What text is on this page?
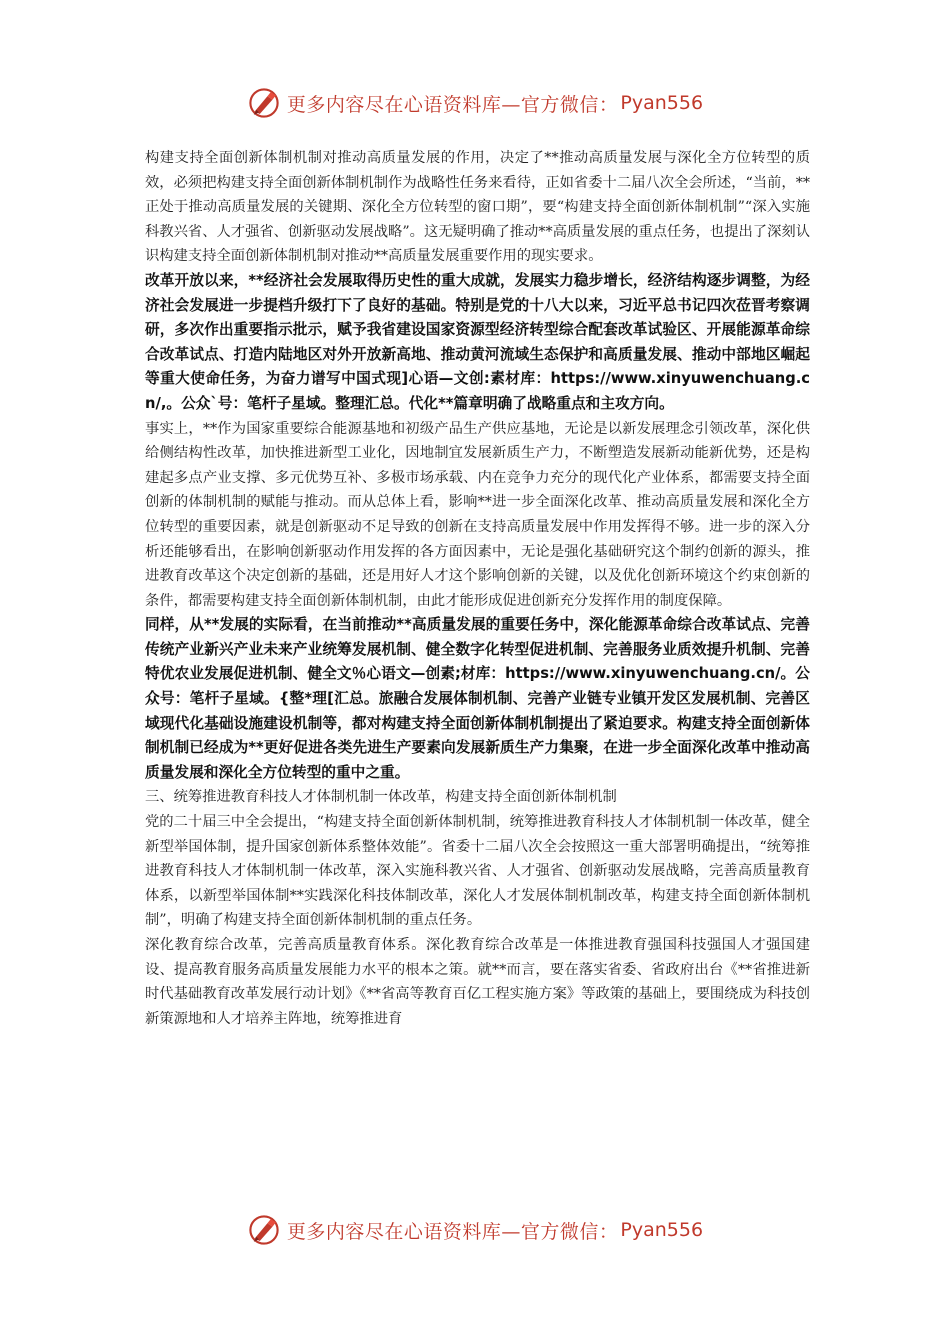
更多内容尽在心语资料库—官方微信： Pyan556

构建支持全面创新体制机制对推动高质量发展的作用，决定了**推动高质量发展与深化全方位转型的质效，必须把构建支持全面创新体制机制作为战略性任务来看待，正如省委十二届八次全会所述，“当前，**正处于推动高质量发展的关键期、深化全方位转型的窗口期”，要“构建支持全面创新体制机制”“深入实施科教兴省、人才强省、创新驱动发展战略”。这无疑明确了推动**高质量发展的重点任务，也提出了深刻认识构建支持全面创新体制机制对推动**高质量发展重要作用的现实要求。

改革开放以来，**经济社会发展取得历史性的重大成就，发展实力稳步增长，经济结构逐步调整，为经济社会发展进一步提档升级打下了良好的基础。特别是党的十八大以来，习近平总书记四次莅晋考察调研，多次作出重要指示批示，赋予我省建设国家资源型经济转型综合配套改革试验区、开展能源革命综合改革试点、打造内陆地区对外开放新高地、推动黄河流域生态保护和高质量发展、推动中部地区崛起等重大使命任务，为奋力谱写中国式现]心语—文创:素材库：https://www.xinyuwenchuang.cn/,。公众`号：笔杆子星域。整理汇总。代化**篇章明确了战略重点和主攻方向。

事实上，**作为国家重要综合能源基地和初级产品生产供应基地，无论是以新发展理念引领改革，深化供给侧结构性改革，加快推进新型工业化，因地制宜发展新质生产力，不断塑造发展新动能新优势，还是构建起多点产业支撑、多元优势互补、多极市场承载、内在竞争力充分的现代化产业体系，都需要支持全面创新的体制机制的赋能与推动。而从总体上看，影响**进一步全面深化改革、推动高质量发展和深化全方位转型的重要因素，就是创新驱动不足导致的创新在支持高质量发展中作用发挥得不够。进一步的深入分析还能够看出，在影响创新驱动作用发挥的各方面因素中，无论是强化基础研究这个制约创新的源头，推进教育改革这个决定创新的基础，还是用好人才这个影响创新的关键，以及优化创新环境这个约束创新的条件，都需要构建支持全面创新体制机制，由此才能形成促进创新充分发挥作用的制度保障。

同样，从**发展的实际看，在当前推动**高质量发展的重要任务中，深化能源革命综合改革试点、完善传统产业新兴产业未来产业统筹发展机制、健全数字化转型促进机制、完善服务业质效提升机制、完善特优农业发展促进机制、健全文％心语文—创素;材库：https://www.xinyuwenchuang.cn/。公众号：笔杆子星域。{整*理[汇总。旅融合发展体制机制、完善产业链专业镇开发区发展机制、完善区域现代化基础设施建设机制等，都对构建支持全面创新体制机制提出了紧迫要求。构建支持全面创新体制机制已经成为**更好促进各类先进生产要素向发展新质生产力集聚，在进一步全面深化改革中推动高质量发展和深化全方位转型的重中之重。

三、统筹推进教育科技人才体制机制一体改革，构建支持全面创新体制机制

党的二十届三中全会提出，“构建支持全面创新体制机制，统筹推进教育科技人才体制机制一体改革，健全新型举国体制，提升国家创新体系整体效能”。省委十二届八次全会按照这一重大部署明确提出，“统筹推进教育科技人才体制机制一体改革，深入实施科教兴省、人才强省、创新驱动发展战略，完善高质量教育体系，以新型举国体制**实践深化科技体制改革，深化人才发展体制机制改革，构建支持全面创新体制机制”，明确了构建支持全面创新体制机制的重点任务。

深化教育综合改革，完善高质量教育体系。深化教育综合改革是一体推进教育强国科技强国人才强国建设、提高教育服务高质量发展能力水平的根本之策。就**而言，要在落实省委、省政府出台《**省推进新时代基础教育改革发展行动计划》《**省高等教育百亿工程实施方案》等政策的基础上，要围绕成为科技创新策源地和人才培养主阵地，统筹推进育

更多内容尽在心语资料库—官方微信： Pyan556
